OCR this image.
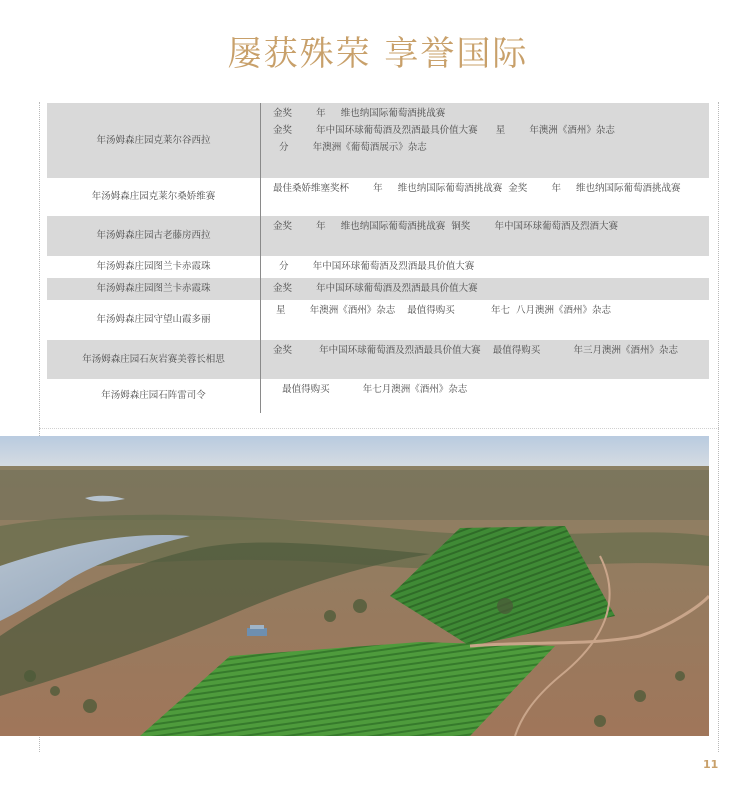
屡获殊荣 享誉国际
年汤姆森庄园克莱尔谷西拉
金奖        年     维也纳国际葡萄酒挑战赛
金奖        年中国环球葡萄酒及烈酒最具价值大赛      星        年澳洲《酒州》杂志
分        年澳洲《葡萄酒展示》杂志
年汤姆森庄园克莱尔桑娇维赛
最佳桑娇维塞奖杯        年     维也纳国际葡萄酒挑战赛  金奖        年     维也纳国际葡萄酒挑战赛
年汤姆森庄园古老藤房西拉
金奖        年     维也纳国际葡萄酒挑战赛  铜奖        年中国环球葡萄酒及烈酒大赛
年汤姆森庄园图兰卡赤霞珠	分        年中国环球葡萄酒及烈酒最具价值大赛
年汤姆森庄园图兰卡赤霞珠	金奖        年中国环球葡萄酒及烈酒最具价值大赛
年汤姆森庄园守望山霞多丽
星        年澳洲《酒州》杂志    最值得购买            年七  八月澳洲《酒州》杂志
年汤姆森庄园石灰岩赛美蓉长相思
金奖         年中国环球葡萄酒及烈酒最具价值大赛    最值得购买           年三月澳洲《酒州》杂志
年汤姆森庄园石阵雷司令
最值得购买           年七月澳洲《酒州》杂志
11
